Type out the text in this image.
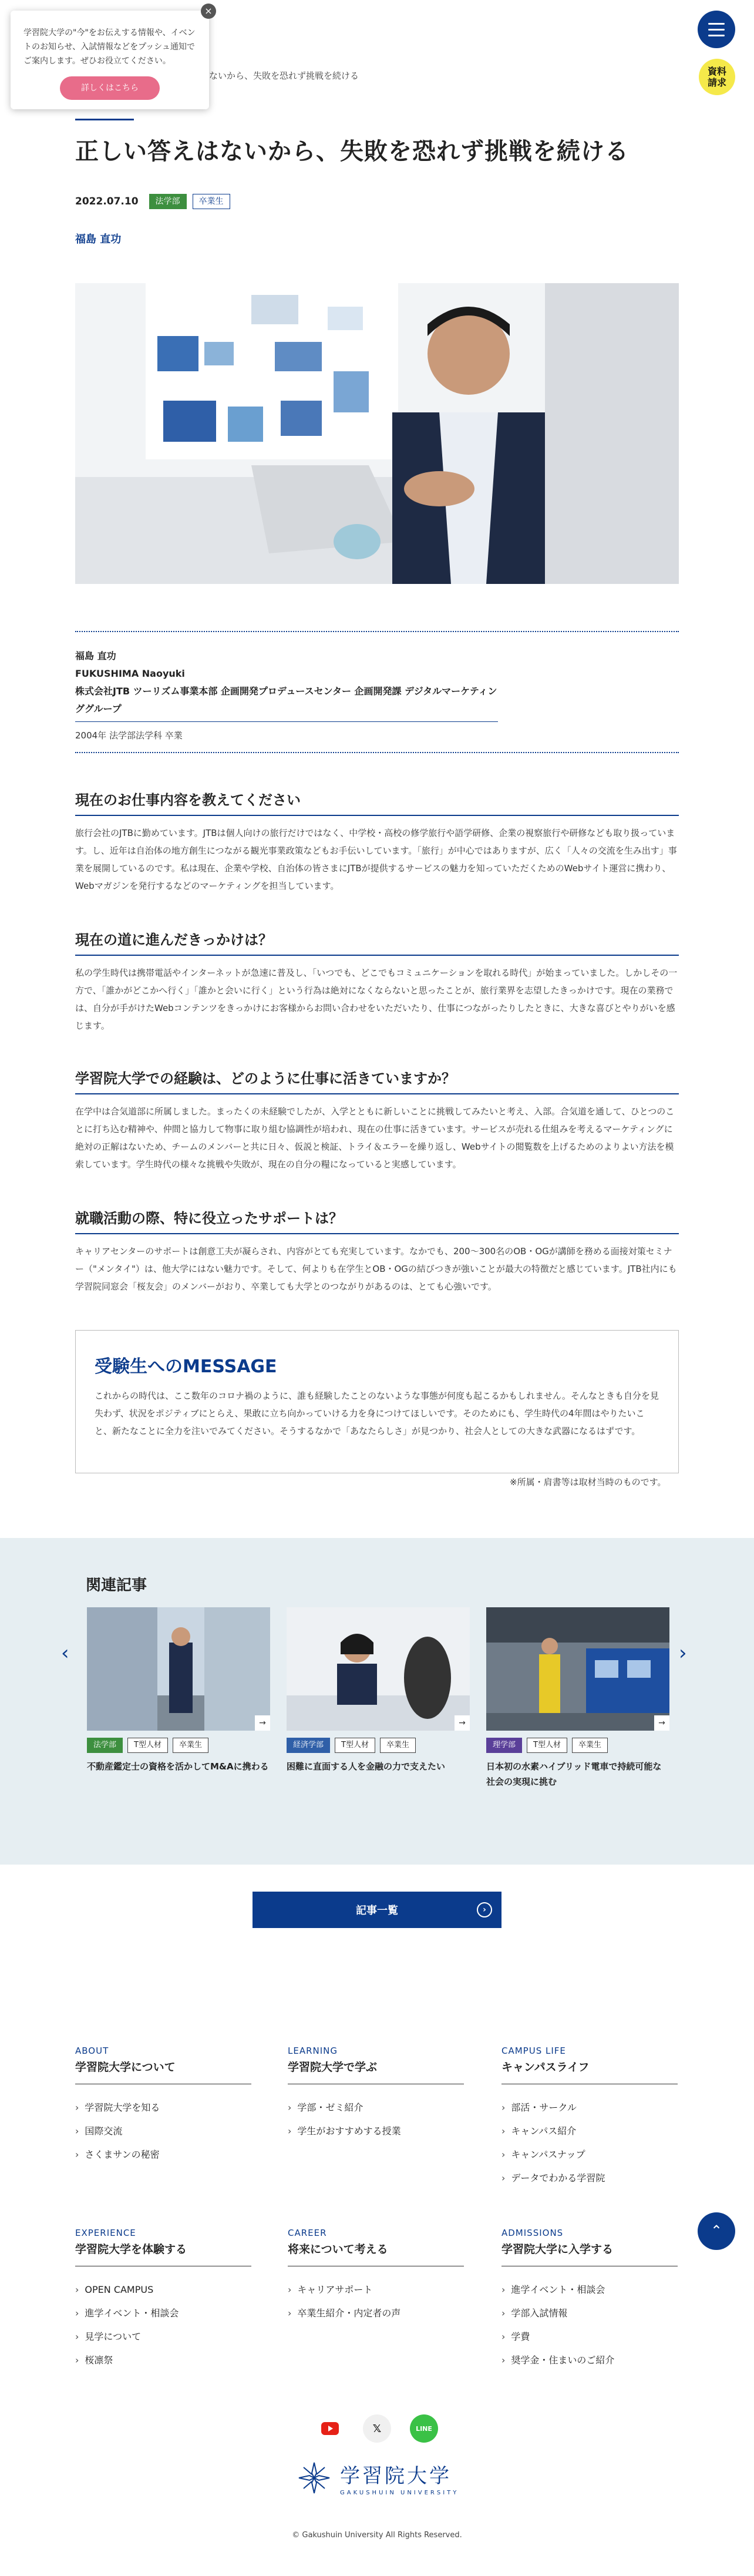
学習院大学の"今"をお伝えする情報や、イベントのお知らせ、入試情報などをプッシュ通知でご案内します。ぜひお役立てください。
詳しくはこちら
×
ないから、失敗を恐れず挑戦を続ける	資料
請求
正しい答えはないから、失敗を恐れず挑戦を続ける
2022.07.10	法学部	卒業生
福島 直功
福島 直功
FUKUSHIMA Naoyuki
株式会社JTB ツーリズム事業本部 企画開発プロデュースセンター 企画開発課 デジタルマーケティンググループ
2004年 法学部法学科 卒業
現在のお仕事内容を教えてください

旅行会社のJTBに勤めています。JTBは個人向けの旅行だけではなく、中学校・高校の修学旅行や語学研修、企業の視察旅行や研修なども取り扱っています。し、近年は自治体の地方創生につながる観光事業政策などもお手伝いしています。「旅行」が中心ではありますが、広く「人々の交流を生み出す」事業を展開しているのです。私は現在、企業や学校、自治体の皆さまにJTBが提供するサービスの魅力を知っていただくためのWebサイト運営に携わり、Webマガジンを発行するなどのマーケティングを担当しています。

現在の道に進んだきっかけは？

私の学生時代は携帯電話やインターネットが急速に普及し、「いつでも、どこでもコミュニケーションを取れる時代」が始まっていました。しかしその一方で、「誰かがどこかへ行く」「誰かと会いに行く」という行為は絶対になくならないと思ったことが、旅行業界を志望したきっかけです。現在の業務では、自分が手がけたWebコンテンツをきっかけにお客様からお問い合わせをいただいたり、仕事につながったりしたときに、大きな喜びとやりがいを感じます。

学習院大学での経験は、どのように仕事に活きていますか？

在学中は合気道部に所属しました。まったくの未経験でしたが、入学とともに新しいことに挑戦してみたいと考え、入部。合気道を通して、ひとつのことに打ち込む精神や、仲間と協力して物事に取り組む協調性が培われ、現在の仕事に活きています。サービスが売れる仕組みを考えるマーケティングに絶対の正解はないため、チームのメンバーと共に日々、仮説と検証、トライ＆エラーを繰り返し、Webサイトの閲覧数を上げるためのよりよい方法を模索しています。学生時代の様々な挑戦や失敗が、現在の自分の糧になっていると実感しています。

就職活動の際、特に役立ったサポートは？

キャリアセンターのサポートは創意工夫が凝らされ、内容がとても充実しています。なかでも、200〜300名のOB・OGが講師を務める面接対策セミナー（"メンタイ"）は、他大学にはない魅力です。そして、何よりも在学生とOB・OGの結びつきが強いことが最大の特徴だと感じています。JTB社内にも学習院同窓会「桜友会」のメンバーがおり、卒業しても大学とのつながりがあるのは、とても心強いです。

受験生へのMESSAGE

これからの時代は、ここ数年のコロナ禍のように、誰も経験したことのないような事態が何度も起こるかもしれません。そんなときも自分を見失わず、状況をポジティブにとらえ、果敢に立ち向かっていける力を身につけてほしいです。そのためにも、学生時代の4年間はやりたいこと、新たなことに全力を注いでみてください。そうするなかで「あなたらしさ」が見つかり、社会人としての大きな武器になるはずです。

※所属・肩書等は取材当時のものです。
関連記事
‹	›
→
法学部	T型人材	卒業生
不動産鑑定士の資格を活かしてM&Aに携わる
→
経済学部	T型人材	卒業生
困難に直面する人を金融の力で支えたい
→
理学部	T型人材	卒業生
日本初の水素ハイブリッド電車で持続可能な社会の実現に挑む
記事一覧	›
ABOUT
学習院大学について
› 学習院大学を知る
› 国際交流
› さくまサンの秘密
LEARNING
学習院大学で学ぶ
› 学部・ゼミ紹介
› 学生がおすすめする授業
CAMPUS LIFE
キャンパスライフ
› 部活・サークル
› キャンパス紹介
› キャンパスナップ
› データでわかる学習院
EXPERIENCE
学習院大学を体験する
› OPEN CAMPUS
› 進学イベント・相談会
› 見学について
› 桜凛祭
CAREER
将来について考える
› キャリアサポート
› 卒業生紹介・内定者の声
ADMISSIONS
学習院大学に入学する
› 進学イベント・相談会
› 学部入試情報
› 学費
› 奨学金・住まいのご紹介
⌃
𝕏	LINE
学習院大学
GAKUSHUIN UNIVERSITY
© Gakushuin University All Rights Reserved.
